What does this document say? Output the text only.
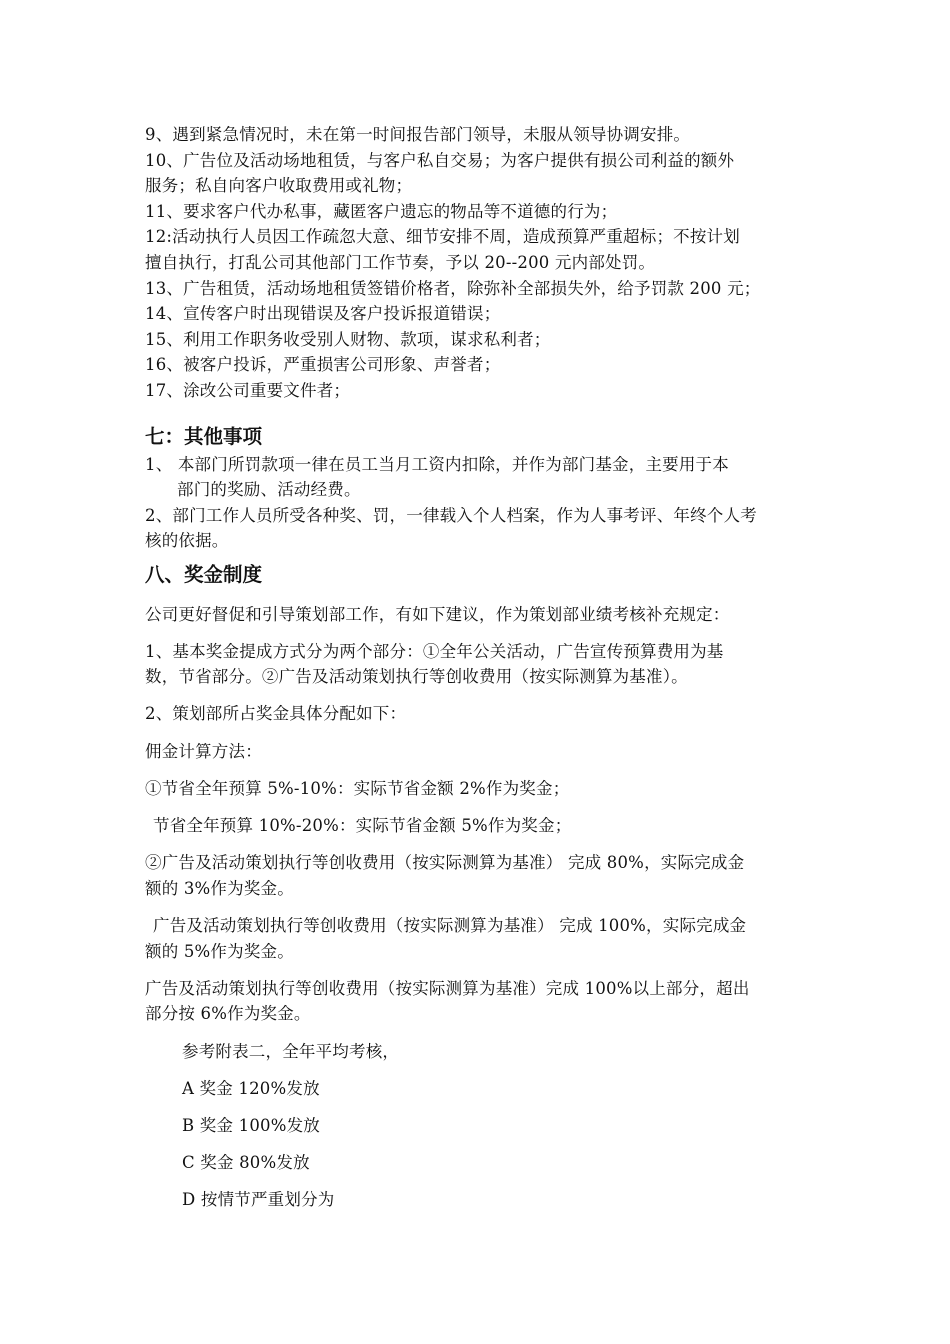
9、遇到紧急情况时，未在第一时间报告部门领导，未服从领导协调安排。

10、广告位及活动场地租赁，与客户私自交易；为客户提供有损公司利益的额外

服务；私自向客户收取费用或礼物；

11、要求客户代办私事，藏匿客户遗忘的物品等不道德的行为；

12:活动执行人员因工作疏忽大意、细节安排不周，造成预算严重超标；不按计划

擅自执行，打乱公司其他部门工作节奏，予以 20--200 元内部处罚。

13、广告租赁，活动场地租赁签错价格者，除弥补全部损失外，给予罚款 200 元；

14、宣传客户时出现错误及客户投诉报道错误；

15、利用工作职务收受别人财物、款项，谋求私利者；

16、被客户投诉，严重损害公司形象、声誉者；

17、涂改公司重要文件者；

七：其他事项

1、 本部门所罚款项一律在员工当月工资内扣除，并作为部门基金，主要用于本

部门的奖励、活动经费。

2、部门工作人员所受各种奖、罚，一律载入个人档案，作为人事考评、年终个人考

核的依据。

八、奖金制度

公司更好督促和引导策划部工作，有如下建议，作为策划部业绩考核补充规定：

1、基本奖金提成方式分为两个部分：①全年公关活动，广告宣传预算费用为基

数，节省部分。②广告及活动策划执行等创收费用（按实际测算为基准）。

2、策划部所占奖金具体分配如下：

佣金计算方法：

①节省全年预算 5%-10%：实际节省金额 2%作为奖金；

节省全年预算 10%-20%：实际节省金额 5%作为奖金；

②广告及活动策划执行等创收费用（按实际测算为基准） 完成 80%，实际完成金

额的 3%作为奖金。

广告及活动策划执行等创收费用（按实际测算为基准） 完成 100%，实际完成金

额的 5%作为奖金。

广告及活动策划执行等创收费用（按实际测算为基准）完成 100%以上部分，超出

部分按 6%作为奖金。

参考附表二，全年平均考核，

A 奖金 120%发放

B 奖金 100%发放

C 奖金 80%发放

D 按情节严重划分为
